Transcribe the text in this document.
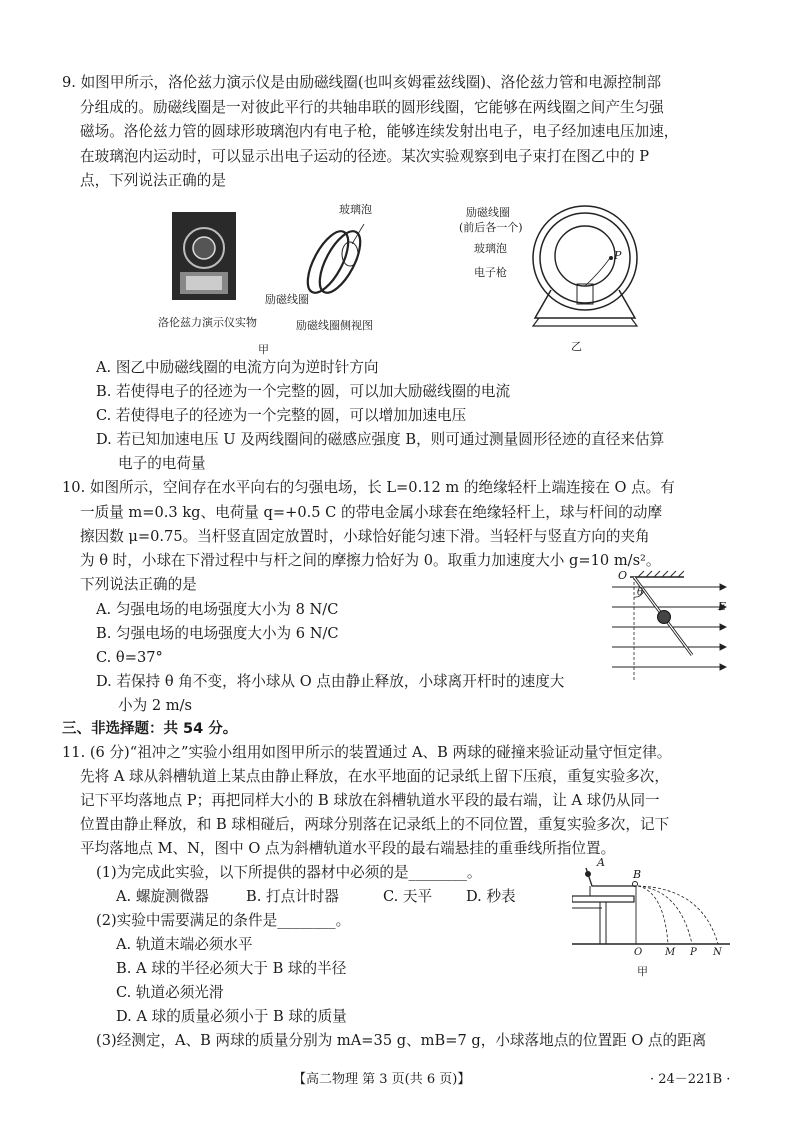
9. 如图甲所示，洛伦兹力演示仪是由励磁线圈(也叫亥姆霍兹线圈)、洛伦兹力管和电源控制部
分组成的。励磁线圈是一对彼此平行的共轴串联的圆形线圈，它能够在两线圈之间产生匀强
磁场。洛伦兹力管的圆球形玻璃泡内有电子枪，能够连续发射出电子，电子经加速电压加速，
在玻璃泡内运动时，可以显示出电子运动的径迹。某次实验观察到电子束打在图乙中的 P
点，下列说法正确的是
洛伦兹力演示仪实物
玻璃泡
励磁线圈
励磁线圈侧视图
甲
励磁线圈
(前后各一个)
玻璃泡
电子枪
P
乙
A. 图乙中励磁线圈的电流方向为逆时针方向
B. 若使得电子的径迹为一个完整的圆，可以加大励磁线圈的电流
C. 若使得电子的径迹为一个完整的圆，可以增加加速电压
D. 若已知加速电压 U 及两线圈间的磁感应强度 B，则可通过测量圆形径迹的直径来估算
电子的电荷量
10. 如图所示，空间存在水平向右的匀强电场，长 L=0.12 m 的绝缘轻杆上端连接在 O 点。有
一质量 m=0.3 kg、电荷量 q=+0.5 C 的带电金属小球套在绝缘轻杆上，球与杆间的动摩
擦因数 μ=0.75。当杆竖直固定放置时，小球恰好能匀速下滑。当轻杆与竖直方向的夹角
为 θ 时，小球在下滑过程中与杆之间的摩擦力恰好为 0。取重力加速度大小 g=10 m/s²。
下列说法正确的是
A. 匀强电场的电场强度大小为 8 N/C
B. 匀强电场的电场强度大小为 6 N/C
C. θ=37°
D. 若保持 θ 角不变，将小球从 O 点由静止释放，小球离开杆时的速度大
小为 2 m/s
O
E
θ
三、非选择题：共 54 分。
11. (6 分)“祖冲之”实验小组用如图甲所示的装置通过 A、B 两球的碰撞来验证动量守恒定律。
先将 A 球从斜槽轨道上某点由静止释放，在水平地面的记录纸上留下压痕，重复实验多次，
记下平均落地点 P；再把同样大小的 B 球放在斜槽轨道水平段的最右端，让 A 球仍从同一
位置由静止释放，和 B 球相碰后，两球分别落在记录纸上的不同位置，重复实验多次，记下
平均落地点 M、N，图中 O 点为斜槽轨道水平段的最右端悬挂的重垂线所指位置。
(1)为完成此实验，以下所提供的器材中必须的是________。
A. 螺旋测微器	B. 打点计时器	C. 天平 D. 秒表
(2)实验中需要满足的条件是________。
A. 轨道末端必须水平
B. A 球的半径必须大于 B 球的半径
C. 轨道必须光滑
D. A 球的质量必须小于 B 球的质量
(3)经测定，A、B 两球的质量分别为 mA=35 g、mB=7 g，小球落地点的位置距 O 点的距离
A
B
O M P N
甲
【高二物理 第 3 页(共 6 页)】	· 24－221B ·
